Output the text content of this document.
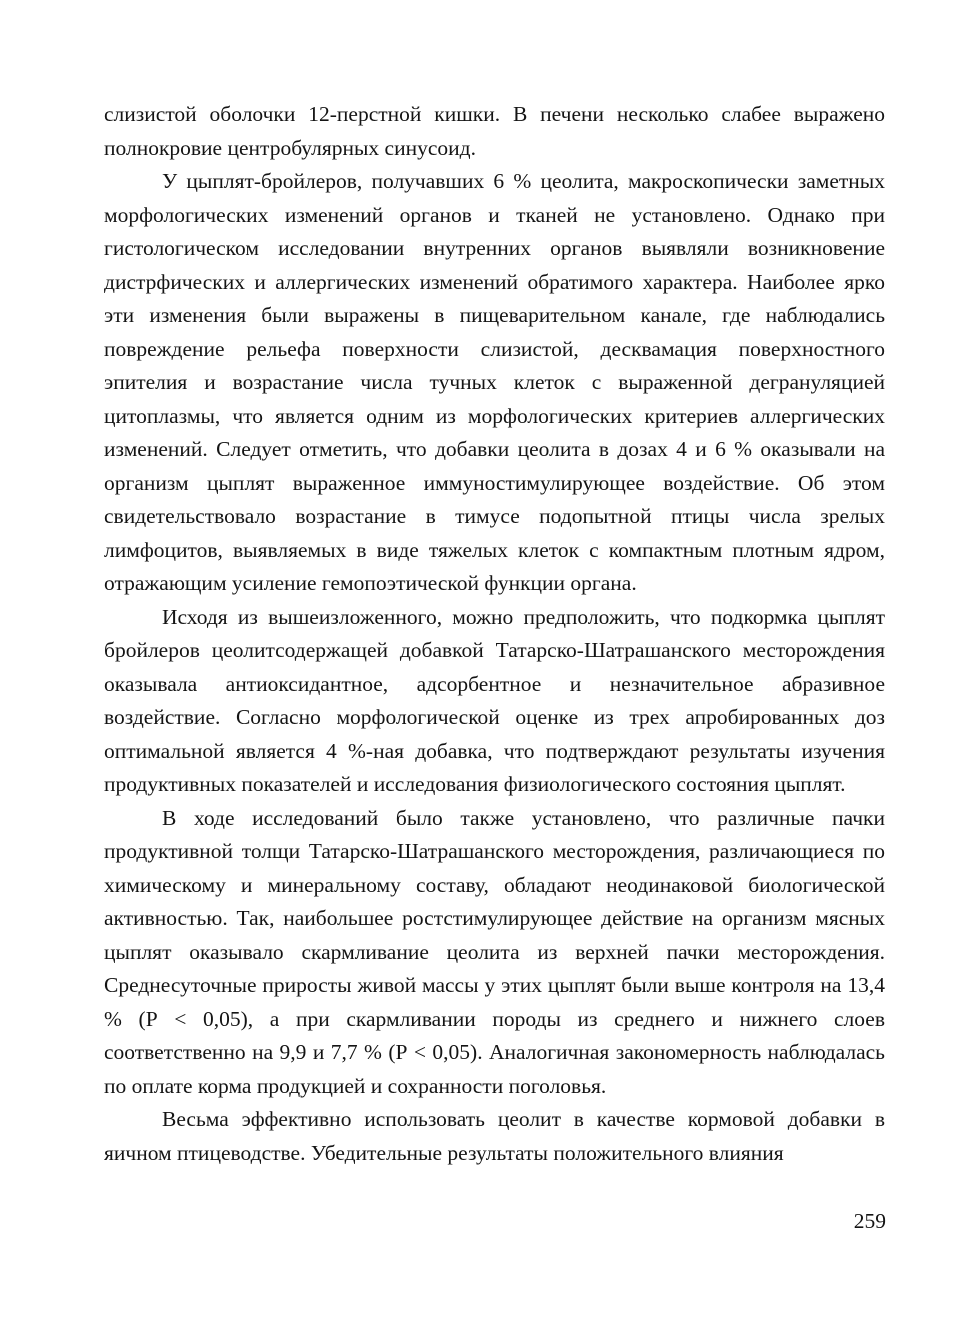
слизистой оболочки 12-перстной кишки. В печени несколько слабее выражено полнокровие центробулярных синусоид.

У цыплят-бройлеров, получавших 6 % цеолита, макроскопически заметных морфологических изменений органов и тканей не установлено. Однако при гистологическом исследовании внутренних органов выявляли возникновение дистрфических и аллергических изменений обратимого характера. Наиболее ярко эти изменения были выражены в пищеварительном канале, где наблюдались повреждение рельефа поверхности слизистой, десквамация поверхностного эпителия и возрастание числа тучных клеток с выраженной дегрануляцией цитоплазмы, что является одним из морфологических критериев аллергических изменений. Следует отметить, что добавки цеолита в дозах 4 и 6 % оказывали на организм цыплят выраженное иммуностимулирующее воздействие. Об этом свидетельствовало возрастание в тимусе подопытной птицы числа зрелых лимфоцитов, выявляемых в виде тяжелых клеток с компактным плотным ядром, отражающим усиление гемопоэтической функции органа.

Исходя из вышеизложенного, можно предположить, что подкормка цыплят бройлеров цеолитсодержащей добавкой Татарско-Шатрашанского месторождения оказывала антиоксидантное, адсорбентное и незначительное абразивное воздействие. Согласно морфологической оценке из трех апробированных доз оптимальной является 4 %-ная добавка, что подтверждают результаты изучения продуктивных показателей и исследования физиологического состояния цыплят.

В ходе исследований было также установлено, что различные пачки продуктивной толщи Татарско-Шатрашанского месторождения, различающиеся по химическому и минеральному составу, обладают неодинаковой биологической активностью. Так, наибольшее ростстимулирующее действие на организм мясных цыплят оказывало скармливание цеолита из верхней пачки месторождения. Среднесуточные приросты живой массы у этих цыплят были выше контроля на 13,4 % (Р < 0,05), а при скармливании породы из среднего и нижнего слоев соответственно на 9,9 и 7,7 % (Р < 0,05). Аналогичная закономерность наблюдалась по оплате корма продукцией и сохранности поголовья.

Весьма эффективно использовать цеолит в качестве кормовой добавки в яичном птицеводстве. Убедительные результаты положительного влияния

259
